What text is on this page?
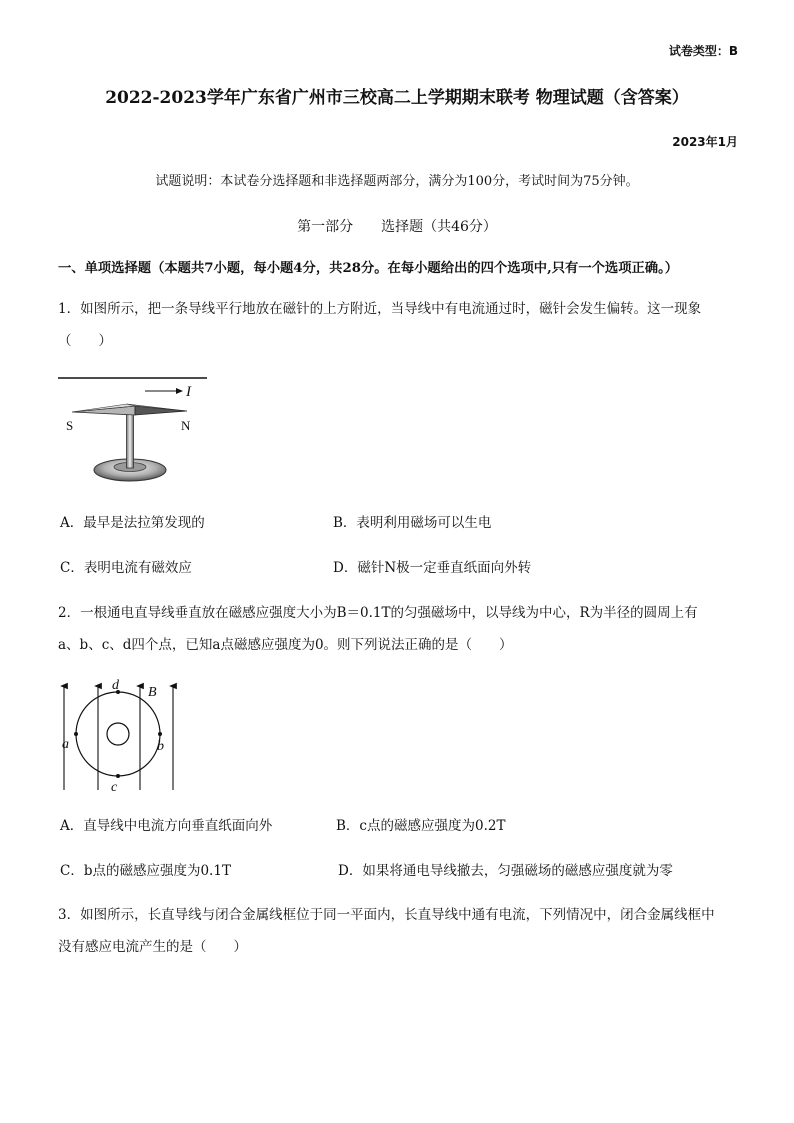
试卷类型：B
2022-2023学年广东省广州市三校高二上学期期末联考 物理试题（含答案）
2023年1月
试题说明：本试卷分选择题和非选择题两部分，满分为100分，考试时间为75分钟。
第一部分　　选择题（共46分）
一、单项选择题（本题共7小题，每小题4分，共28分。在每小题给出的四个选项中,只有一个选项正确。）
1．如图所示，把一条导线平行地放在磁针的上方附近，当导线中有电流通过时，磁针会发生偏转。这一现象
（　　）
I
S	N
A．最早是法拉第发现的	B．表明利用磁场可以生电
C．表明电流有磁效应	D．磁针N极一定垂直纸面向外转
2．一根通电直导线垂直放在磁感应强度大小为B＝0.1T的匀强磁场中，以导线为中心，R为半径的圆周上有
a、b、c、d四个点，已知a点磁感应强度为0。则下列说法正确的是（　　）
a	b
c
d B
A．直导线中电流方向垂直纸面向外	B．c点的磁感应强度为0.2T
C．b点的磁感应强度为0.1T	D．如果将通电导线撤去，匀强磁场的磁感应强度就为零
3．如图所示，长直导线与闭合金属线框位于同一平面内，长直导线中通有电流，下列情况中，闭合金属线框中
没有感应电流产生的是（　　）
